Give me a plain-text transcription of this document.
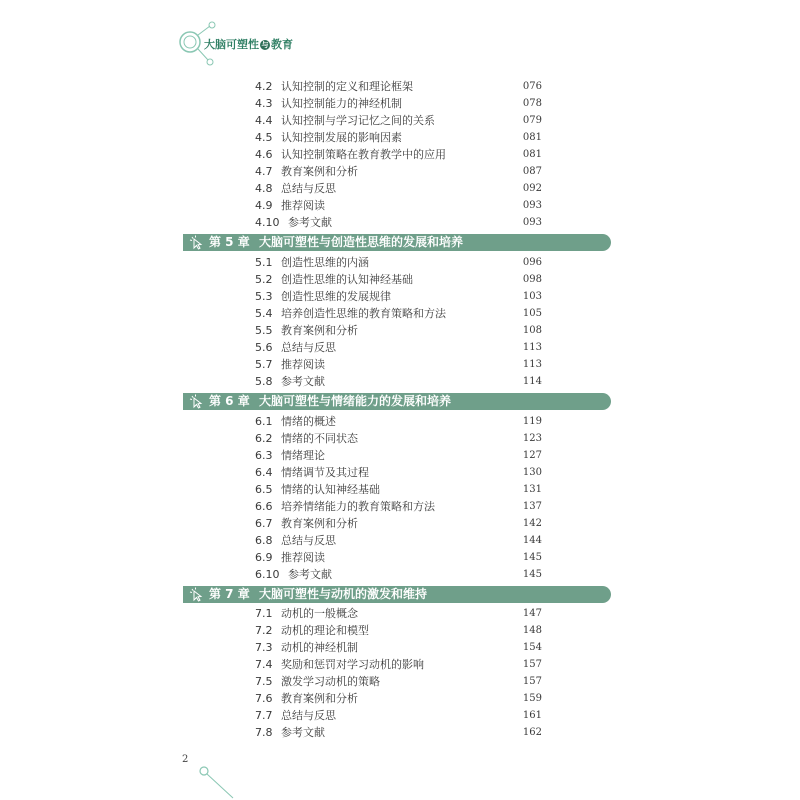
大脑可塑性 与 教育
4.2 认知控制的定义和理论框架	076
4.3 认知控制能力的神经机制	078
4.4 认知控制与学习记忆之间的关系	079
4.5 认知控制发展的影响因素	081
4.6 认知控制策略在教育教学中的应用	081
4.7 教育案例和分析	087
4.8 总结与反思	092
4.9 推荐阅读	093
4.10 参考文献	093
第 5 章 大脑可塑性与创造性思维的发展和培养
5.1 创造性思维的内涵	096
5.2 创造性思维的认知神经基础	098
5.3 创造性思维的发展规律	103
5.4 培养创造性思维的教育策略和方法	105
5.5 教育案例和分析	108
5.6 总结与反思	113
5.7 推荐阅读	113
5.8 参考文献	114
第 6 章 大脑可塑性与情绪能力的发展和培养
6.1 情绪的概述	119
6.2 情绪的不同状态	123
6.3 情绪理论	127
6.4 情绪调节及其过程	130
6.5 情绪的认知神经基础	131
6.6 培养情绪能力的教育策略和方法	137
6.7 教育案例和分析	142
6.8 总结与反思	144
6.9 推荐阅读	145
6.10 参考文献	145
第 7 章 大脑可塑性与动机的激发和维持
7.1 动机的一般概念	147
7.2 动机的理论和模型	148
7.3 动机的神经机制	154
7.4 奖励和惩罚对学习动机的影响	157
7.5 激发学习动机的策略	157
7.6 教育案例和分析	159
7.7 总结与反思	161
7.8 参考文献	162
2
